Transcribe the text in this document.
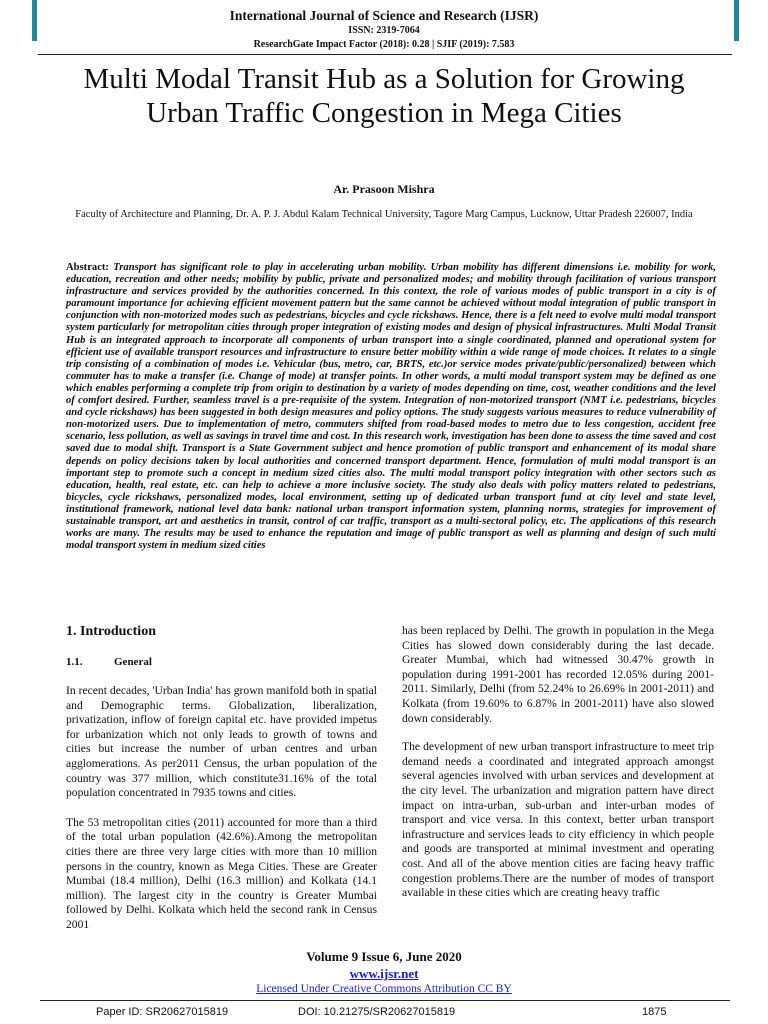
International Journal of Science and Research (IJSR)
ISSN: 2319-7064
ResearchGate Impact Factor (2018): 0.28 | SJIF (2019): 7.583
Multi Modal Transit Hub as a Solution for Growing Urban Traffic Congestion in Mega Cities
Ar. Prasoon Mishra
Faculty of Architecture and Planning, Dr. A. P. J. Abdul Kalam Technical University, Tagore Marg Campus, Lucknow, Uttar Pradesh 226007, India

Abstract: Transport has significant role to play in accelerating urban mobility. Urban mobility has different dimensions i.e. mobility for work, education, recreation and other needs; mobility by public, private and personalized modes; and mobility through facilitation of various transport infrastructure and services provided by the authorities concerned. In this context, the role of various modes of public transport in a city is of paramount importance for achieving efficient movement pattern but the same cannot be achieved without modal integration of public transport in conjunction with non-motorized modes such as pedestrians, bicycles and cycle rickshaws. Hence, there is a felt need to evolve multi modal transport system particularly for metropolitan cities through proper integration of existing modes and design of physical infrastructures. Multi Modal Transit Hub is an integrated approach to incorporate all components of urban transport into a single coordinated, planned and operational system for efficient use of available transport resources and infrastructure to ensure better mobility within a wide range of mode choices. It relates to a single trip consisting of a combination of modes i.e. Vehicular (bus, metro, car, BRTS, etc.)or service modes private/public/personalized) between which commuter has to make a transfer (i.e. Change of mode) at transfer points. In other words, a multi modal transport system may be defined as one which enables performing a complete trip from origin to destination by a variety of modes depending on time, cost, weather conditions and the level of comfort desired. Further, seamless travel is a pre-requisite of the system. Integration of non-motorized transport (NMT i.e. pedestrians, bicycles and cycle rickshaws) has been suggested in both design measures and policy options. The study suggests various measures to reduce vulnerability of non-motorized users. Due to implementation of metro, commuters shifted from road-based modes to metro due to less congestion, accident free scenario, less pollution, as well as savings in travel time and cost. In this research work, investigation has been done to assess the time saved and cost saved due to modal shift. Transport is a State Government subject and hence promotion of public transport and enhancement of its modal share depends on policy decisions taken by local authorities and concerned transport department. Hence, formulation of multi modal transport is an important step to promote such a concept in medium sized cities also. The multi modal transport policy integration with other sectors such as education, health, real estate, etc. can help to achieve a more inclusive society. The study also deals with policy matters related to pedestrians, bicycles, cycle rickshaws, personalized modes, local environment, setting up of dedicated urban transport fund at city level and state level, institutional framework, national level data bank: national urban transport information system, planning norms, strategies for improvement of sustainable transport, art and aesthetics in transit, control of car traffic, transport as a multi-sectoral policy, etc. The applications of this research works are many. The results may be used to enhance the reputation and image of public transport as well as planning and design of such multi modal transport system in medium sized cities

1. Introduction
1.1.	General

In recent decades, 'Urban India' has grown manifold both in spatial and Demographic terms. Globalization, liberalization, privatization, inflow of foreign capital etc. have provided impetus for urbanization which not only leads to growth of towns and cities but increase the number of urban centres and urban agglomerations. As per2011 Census, the urban population of the country was 377 million, which constitute31.16% of the total population concentrated in 7935 towns and cities.

The 53 metropolitan cities (2011) accounted for more than a third of the total urban population (42.6%).Among the metropolitan cities there are three very large cities with more than 10 million persons in the country, known as Mega Cities. These are Greater Mumbai (18.4 million), Delhi (16.3 million) and Kolkata (14.1 million). The largest city in the country is Greater Mumbai followed by Delhi. Kolkata which held the second rank in Census 2001

has been replaced by Delhi. The growth in population in the Mega Cities has slowed down considerably during the last decade. Greater Mumbai, which had witnessed 30.47% growth in population during 1991-2001 has recorded 12.05% during 2001-2011. Similarly, Delhi (from 52.24% to 26.69% in 2001-2011) and Kolkata (from 19.60% to 6.87% in 2001-2011) have also slowed down considerably.

The development of new urban transport infrastructure to meet trip demand needs a coordinated and integrated approach amongst several agencies involved with urban services and development at the city level. The urbanization and migration pattern have direct impact on intra-urban, sub-urban and inter-urban modes of transport and vice versa. In this context, better urban transport infrastructure and services leads to city efficiency in which people and goods are transported at minimal investment and operating cost. And all of the above mention cities are facing heavy traffic congestion problems.There are the number of modes of transport available in these cities which are creating heavy traffic

Volume 9 Issue 6, June 2020
www.ijsr.net
Licensed Under Creative Commons Attribution CC BY
Paper ID: SR20627015819	DOI: 10.21275/SR20627015819	1875
